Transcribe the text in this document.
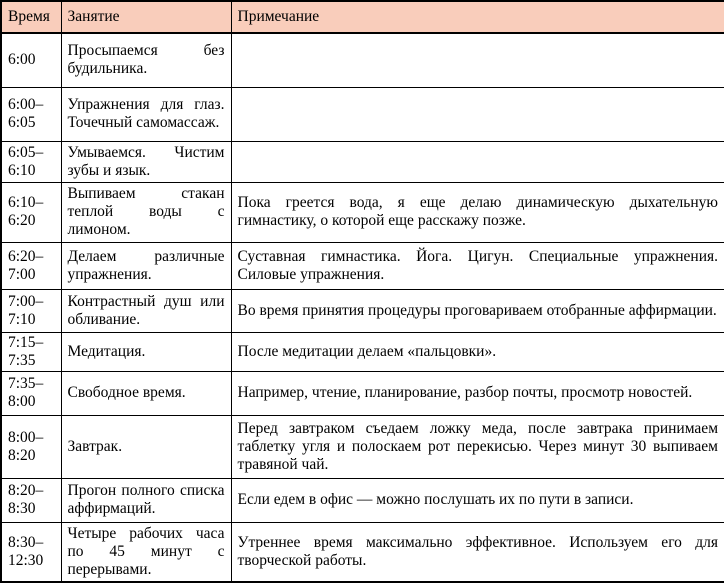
Время	Занятие	Примечание
6:00	Просыпаемся без будильника.	
6:00–6:05	Упражнения для глаз. Точечный самомассаж.	
6:05–6:10	Умываемся. Чистим зубы и язык.	
6:10–6:20	Выпиваем стакан теплой воды с лимоном.	Пока греется вода, я еще делаю динамическую дыхательную гимнастику, о которой еще расскажу позже.
6:20–7:00	Делаем различные упражнения.	Суставная гимнастика. Йога. Цигун. Специальные упражнения. Силовые упражнения.
7:00–7:10	Контрастный душ или обливание.	Во время принятия процедуры проговариваем отобранные аффирмации.
7:15–7:35	Медитация.	После медитации делаем «пальцовки».
7:35–8:00	Свободное время.	Например, чтение, планирование, разбор почты, просмотр новостей.
8:00–8:20	Завтрак.	Перед завтраком съедаем ложку меда, после завтрака принимаем таблетку угля и полоскаем рот перекисью. Через минут 30 выпиваем травяной чай.
8:20–8:30	Прогон полного списка аффирмаций.	Если едем в офис — можно послушать их по пути в записи.
8:30–12:30	Четыре рабочих часа по 45 минут с перерывами.	Утреннее время максимально эффективное. Используем его для творческой работы.
